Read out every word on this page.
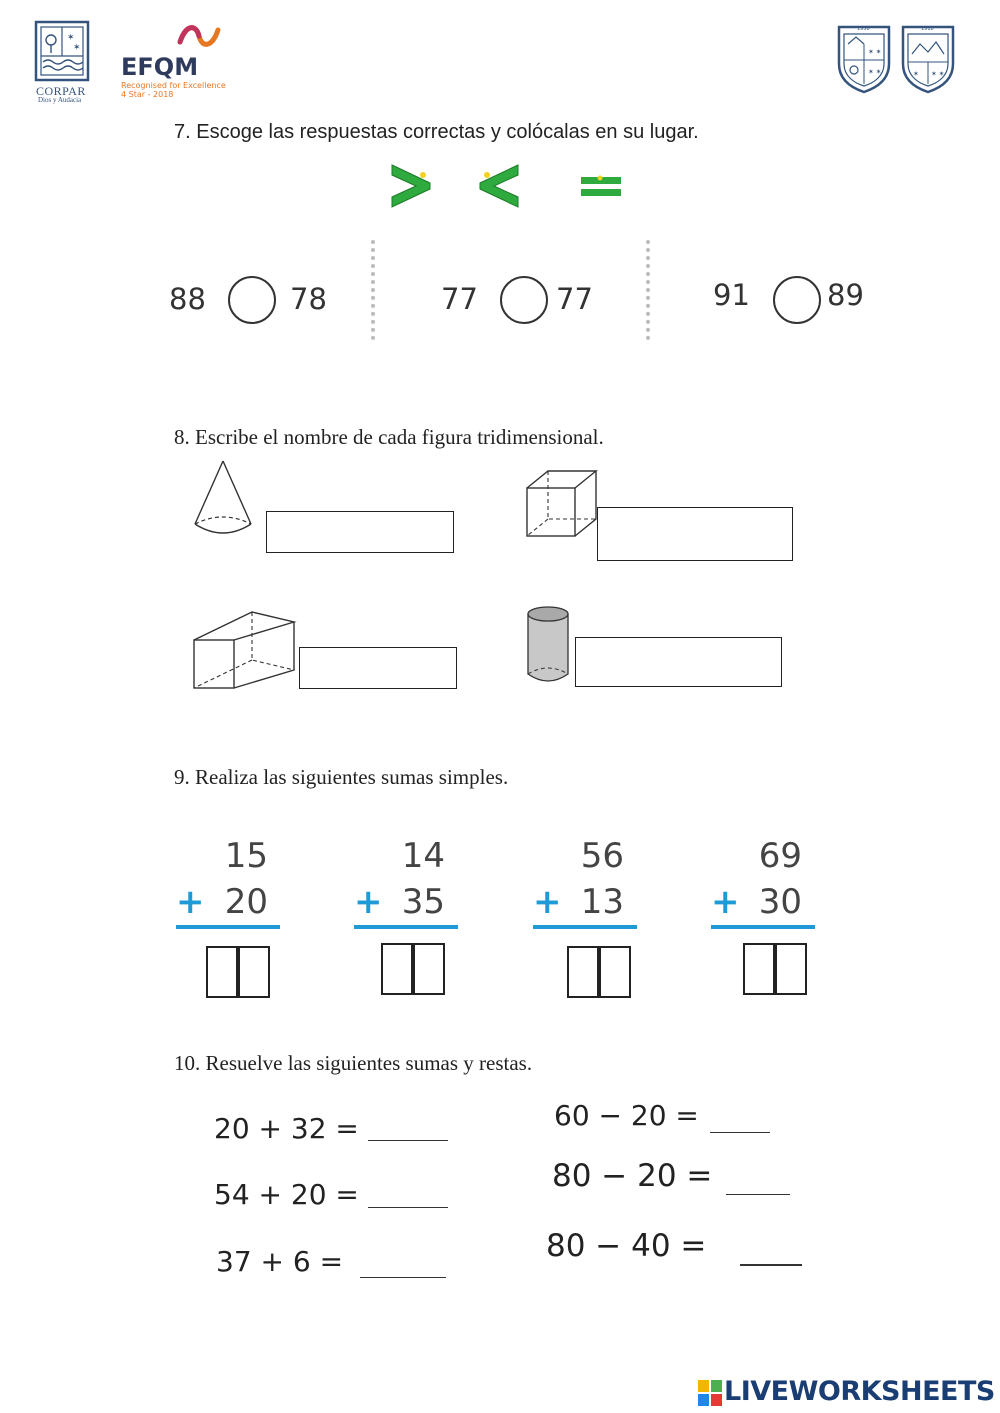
✶
✶
CORPAR
Dios y Audacia
EFQM
Recognised for Excellence
4 Star - 2018
✶ ✶
✶ ✶
1958
✶ ✶
✶
1918
7. Escoge las respuestas correctas y colócalas en su lugar.
88	78	77	77	91	89
8. Escribe el nombre de cada figura tridimensional.
9. Realiza las siguientes sumas simples.
15
+ 20
14
+ 35
56
+ 13
69
+ 30
10. Resuelve las siguientes sumas y restas.
20 + 32 =
54 + 20 =
37 + 6 =
60 − 20 =
80 − 20 =
80 − 40 =
LIVEWORKSHEETS
